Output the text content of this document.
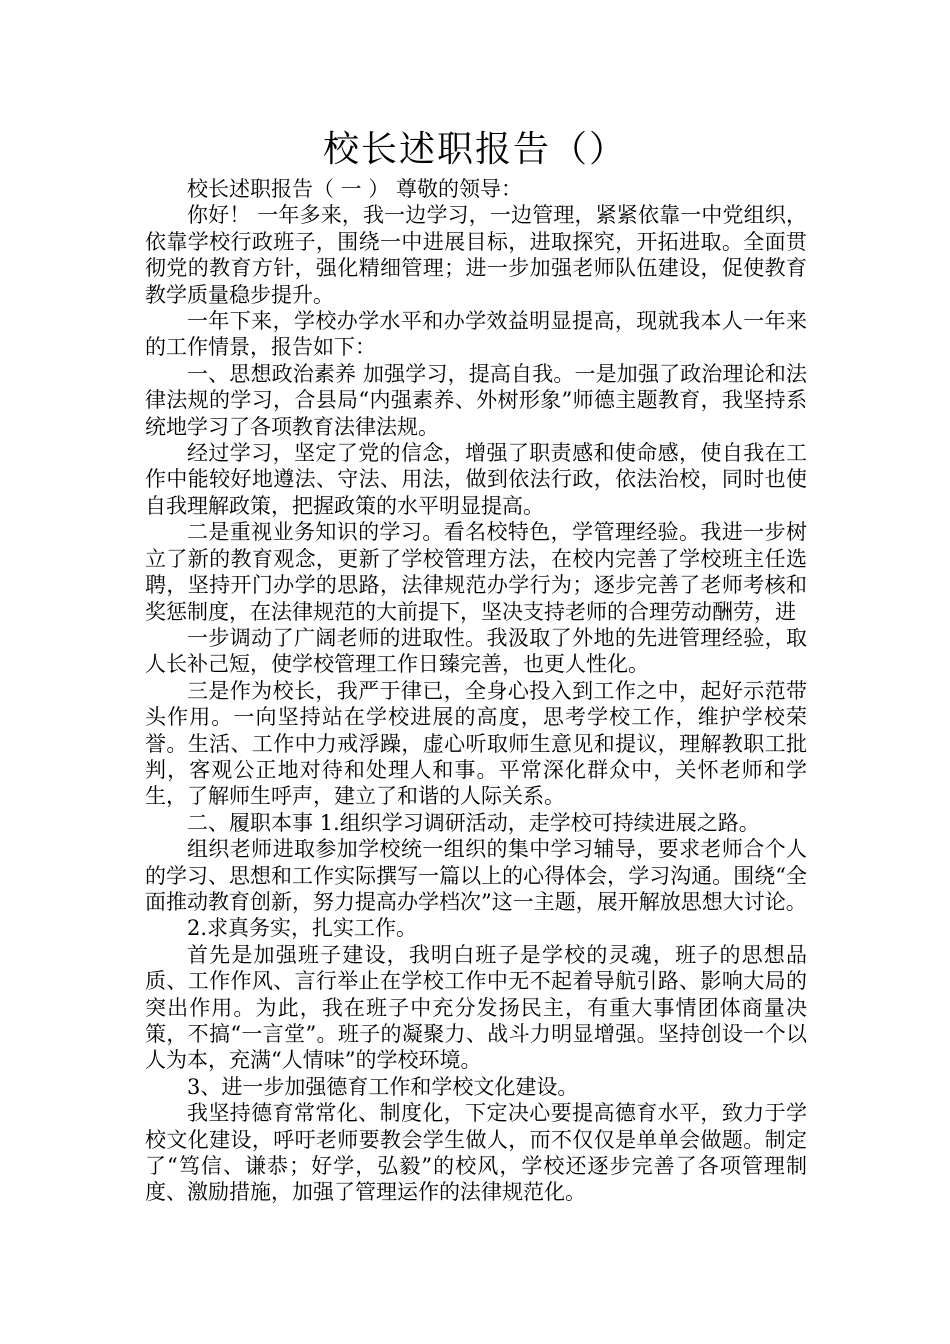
校长述职报告（）

校长述职报告（ 一 ） 尊敬的领导：

你好！ 一年多来，我一边学习，一边管理，紧紧依靠一中党组织，依靠学校行政班子，围绕一中进展目标，进取探究，开拓进取。全面贯彻党的教育方针，强化精细管理；进一步加强老师队伍建设，促使教育教学质量稳步提升。

一年下来，学校办学水平和办学效益明显提高，现就我本人一年来的工作情景，报告如下：

一、思想政治素养 加强学习，提高自我。一是加强了政治理论和法律法规的学习，合县局“内强素养、外树形象”师德主题教育，我坚持系统地学习了各项教育法律法规。

经过学习，坚定了党的信念，增强了职责感和使命感，使自我在工作中能较好地遵法、守法、用法，做到依法行政，依法治校，同时也使自我理解政策，把握政策的水平明显提高。

二是重视业务知识的学习。看名校特色，学管理经验。我进一步树立了新的教育观念，更新了学校管理方法，在校内完善了学校班主任选聘，坚持开门办学的思路，法律规范办学行为；逐步完善了老师考核和奖惩制度，在法律规范的大前提下，坚决支持老师的合理劳动酬劳，进

一步调动了广阔老师的进取性。我汲取了外地的先进管理经验，取人长补己短，使学校管理工作日臻完善，也更人性化。

三是作为校长，我严于律已，全身心投入到工作之中，起好示范带头作用。一向坚持站在学校进展的高度，思考学校工作，维护学校荣誉。生活、工作中力戒浮躁，虚心听取师生意见和提议，理解教职工批判，客观公正地对待和处理人和事。平常深化群众中，关怀老师和学生，了解师生呼声，建立了和谐的人际关系。

二、履职本事 1.组织学习调研活动，走学校可持续进展之路。

组织老师进取参加学校统一组织的集中学习辅导，要求老师合个人的学习、思想和工作实际撰写一篇以上的心得体会，学习沟通。围绕“全面推动教育创新，努力提高办学档次”这一主题，展开解放思想大讨论。

2.求真务实，扎实工作。

首先是加强班子建设，我明白班子是学校的灵魂，班子的思想品质、工作作风、言行举止在学校工作中无不起着导航引路、影响大局的突出作用。为此，我在班子中充分发扬民主，有重大事情团体商量决策，不搞“一言堂”。班子的凝聚力、战斗力明显增强。坚持创设一个以人为本，充满“人情味”的学校环境。

3、进一步加强德育工作和学校文化建设。

我坚持德育常常化、制度化，下定决心要提高德育水平，致力于学校文化建设，呼吁老师要教会学生做人，而不仅仅是单单会做题。制定了“笃信、谦恭；好学，弘毅”的校风，学校还逐步完善了各项管理制度、激励措施，加强了管理运作的法律规范化。
